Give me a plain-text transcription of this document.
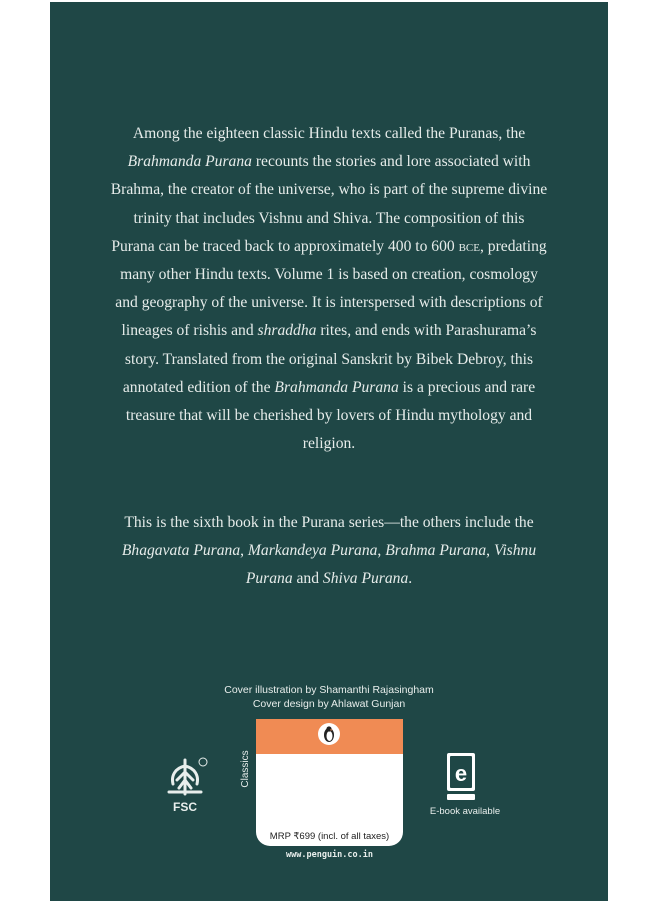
Among the eighteen classic Hindu texts called the Puranas, the Brahmanda Purana recounts the stories and lore associated with Brahma, the creator of the universe, who is part of the supreme divine trinity that includes Vishnu and Shiva. The composition of this Purana can be traced back to approximately 400 to 600 bce, predating many other Hindu texts. Volume 1 is based on creation, cosmology and geography of the universe. It is interspersed with descriptions of lineages of rishis and shraddha rites, and ends with Parashurama’s story. Translated from the original Sanskrit by Bibek Debroy, this annotated edition of the Brahmanda Purana is a precious and rare treasure that will be cherished by lovers of Hindu mythology and religion.

This is the sixth book in the Purana series—the others include the Bhagavata Purana, Markandeya Purana, Brahma Purana, Vishnu Purana and Shiva Purana.

Cover illustration by Shamanthi Rajasingham
Cover design by Ahlawat Gunjan
FSC
Classics
MRP ₹699 (incl. of all taxes)
www.penguin.co.in
e
E-book available
